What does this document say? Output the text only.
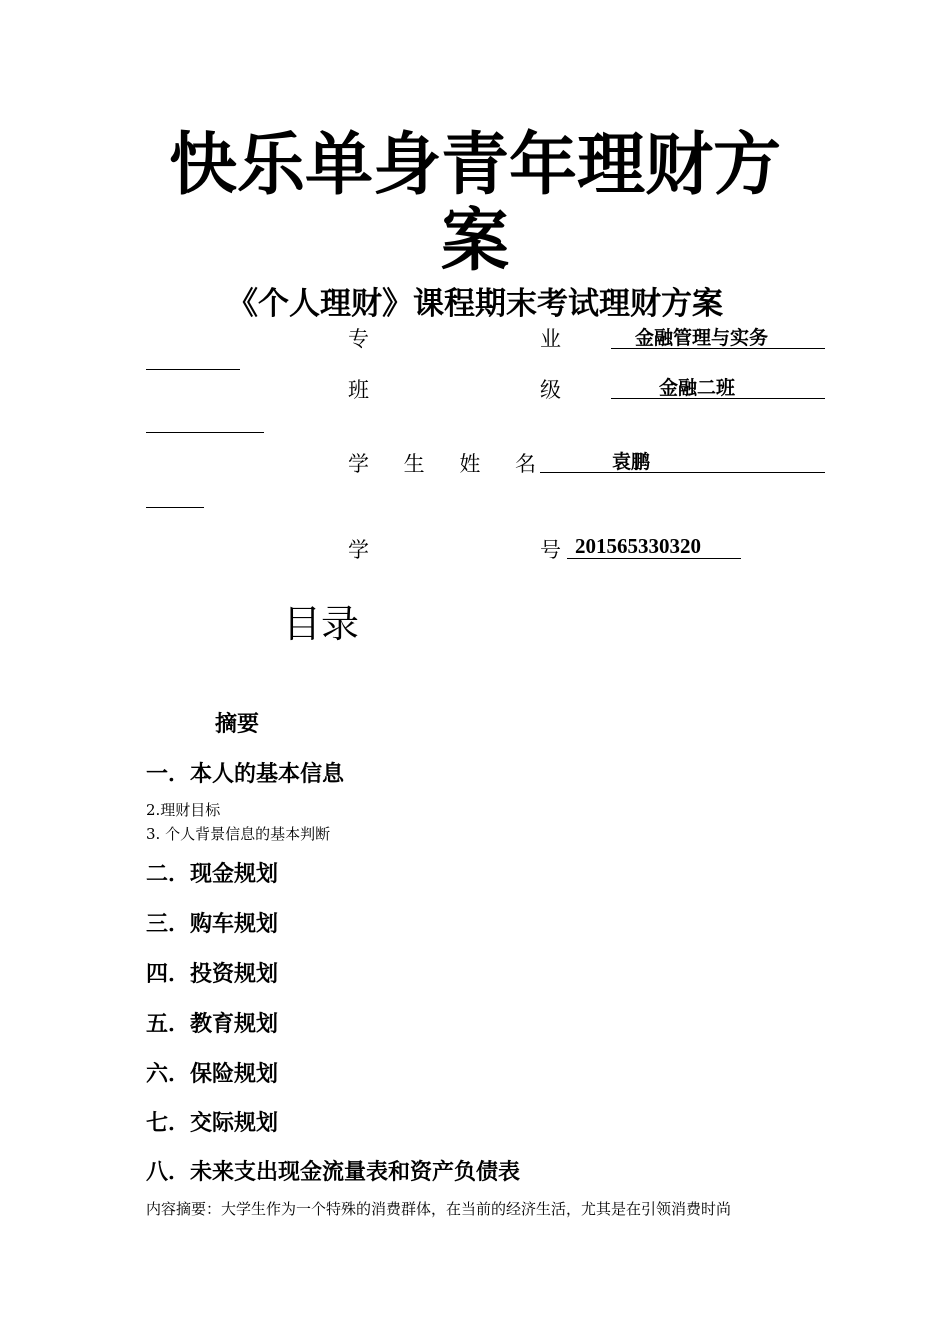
快乐单身青年理财方
案
《个人理财》课程期末考试理财方案
专	业	金融管理与实务
班	级	金融二班
学 生 姓 名	袁鹏
学	号 201565330320
目录
摘要
一．本人的基本信息
2.理财目标
3. 个人背景信息的基本判断
二．现金规划
三．购车规划
四．投资规划
五．教育规划
六．保险规划
七．交际规划
八．未来支出现金流量表和资产负债表
内容摘要：大学生作为一个特殊的消费群体，在当前的经济生活，尤其是在引领消费时尚
